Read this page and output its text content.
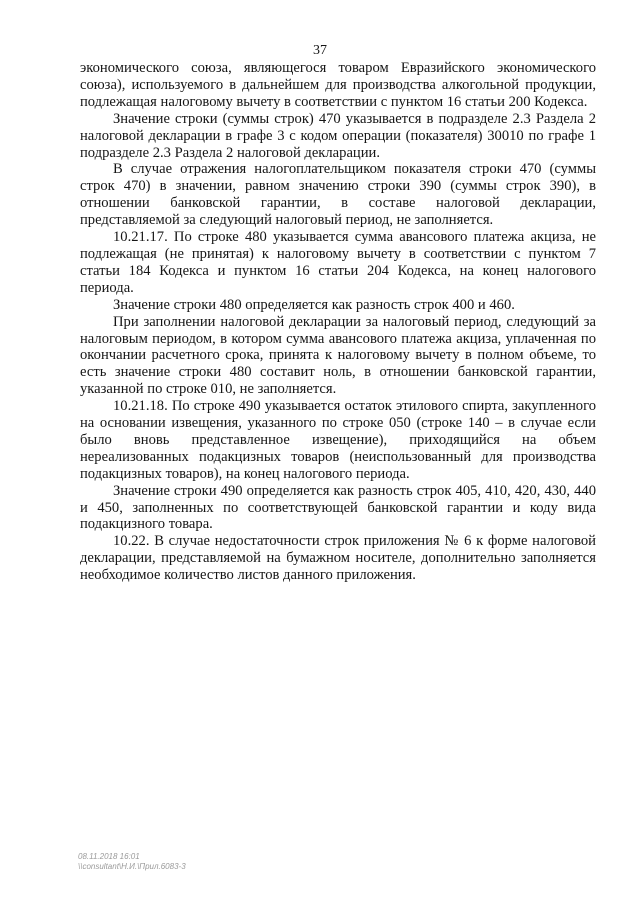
37

экономического союза, являющегося товаром Евразийского экономического союза), используемого в дальнейшем для производства алкогольной продукции, подлежащая налоговому вычету в соответствии с пунктом 16 статьи 200 Кодекса.

Значение строки (суммы строк) 470 указывается в подразделе 2.3 Раздела 2 налоговой декларации в графе 3 с кодом операции (показателя) 30010 по графе 1 подразделе 2.3 Раздела 2 налоговой декларации.

В случае отражения налогоплательщиком показателя строки 470 (суммы строк 470) в значении, равном значению строки 390 (суммы строк 390), в отношении банковской гарантии, в составе налоговой декларации, представляемой за следующий налоговый период, не заполняется.

10.21.17. По строке 480 указывается сумма авансового платежа акциза, не подлежащая (не принятая) к налоговому вычету в соответствии с пунктом 7 статьи 184 Кодекса и пунктом 16 статьи 204 Кодекса, на конец налогового периода.

Значение строки 480 определяется как разность строк 400 и 460.

При заполнении налоговой декларации за налоговый период, следующий за налоговым периодом, в котором сумма авансового платежа акциза, уплаченная по окончании расчетного срока, принята к налоговому вычету в полном объеме, то есть значение строки 480 составит ноль, в отношении банковской гарантии, указанной по строке 010, не заполняется.

10.21.18. По строке 490 указывается остаток этилового спирта, закупленного на основании извещения, указанного по строке 050 (строке 140 – в случае если было вновь представленное извещение), приходящийся на объем нереализованных подакцизных товаров (неиспользованный для производства подакцизных товаров), на конец налогового периода.

Значение строки 490 определяется как разность строк 405, 410, 420, 430, 440 и 450, заполненных по соответствующей банковской гарантии и коду вида подакцизного товара.

10.22. В случае недостаточности строк приложения № 6 к форме налоговой декларации, представляемой на бумажном носителе, дополнительно заполняется необходимое количество листов данного приложения.

08.11.2018 16:01
\\consultant\Н.И.\Прил.6083-3
